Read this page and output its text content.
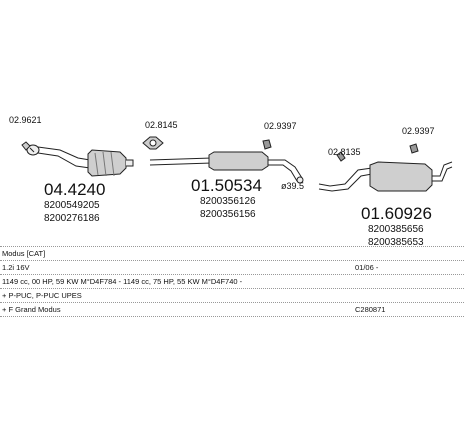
02.9621	02.8145	02.9397
02.8135
02.9397
04.4240
8200549205
8200276186
01.50534
8200356126
8200356156	01.60926
8200385656
8200385653
ø39.5
Modus [CAT]
1.2i 16V	01/06 -
1149 cc, 00 HP, 59 KW M°D4F784 - 1149 cc, 75 HP, 55 KW M°D4F740 -
+ P-PUC, P-PUC UPES
+ F Grand Modus	C280871
